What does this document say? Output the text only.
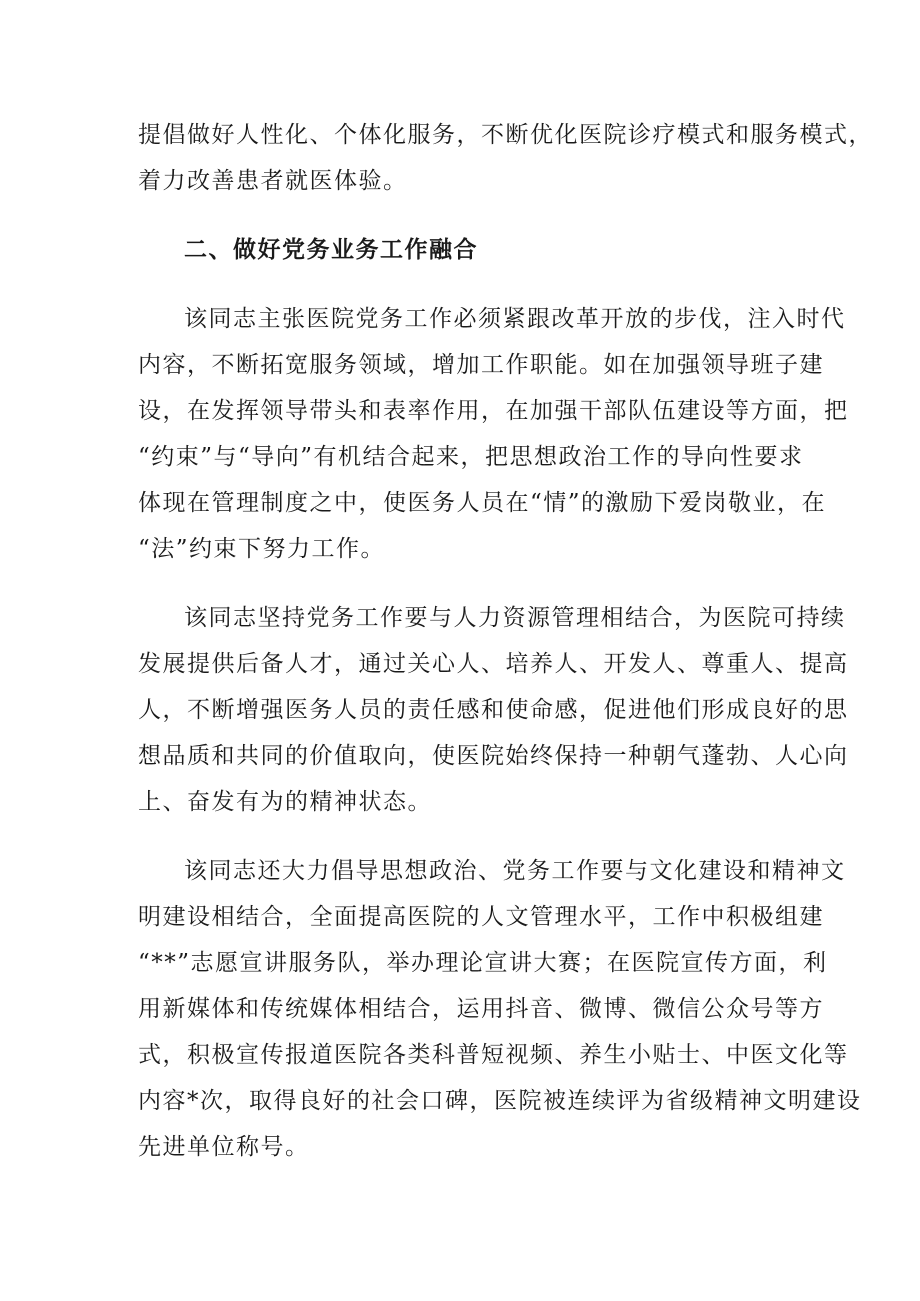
提倡做好人性化、个体化服务，不断优化医院诊疗模式和服务模式，
着力改善患者就医体验。
二、做好党务业务工作融合
该同志主张医院党务工作必须紧跟改革开放的步伐，注入时代
内容，不断拓宽服务领域，增加工作职能。如在加强领导班子建
设，在发挥领导带头和表率作用，在加强干部队伍建设等方面，把
“约束”与“导向”有机结合起来，把思想政治工作的导向性要求
体现在管理制度之中，使医务人员在“情”的激励下爱岗敬业，在
“法”约束下努力工作。
该同志坚持党务工作要与人力资源管理相结合，为医院可持续
发展提供后备人才，通过关心人、培养人、开发人、尊重人、提高
人，不断增强医务人员的责任感和使命感，促进他们形成良好的思
想品质和共同的价值取向，使医院始终保持一种朝气蓬勃、人心向
上、奋发有为的精神状态。
该同志还大力倡导思想政治、党务工作要与文化建设和精神文
明建设相结合，全面提高医院的人文管理水平，工作中积极组建
“**”志愿宣讲服务队，举办理论宣讲大赛；在医院宣传方面，利
用新媒体和传统媒体相结合，运用抖音、微博、微信公众号等方
式，积极宣传报道医院各类科普短视频、养生小贴士、中医文化等
内容*次，取得良好的社会口碑，医院被连续评为省级精神文明建设
先进单位称号。
